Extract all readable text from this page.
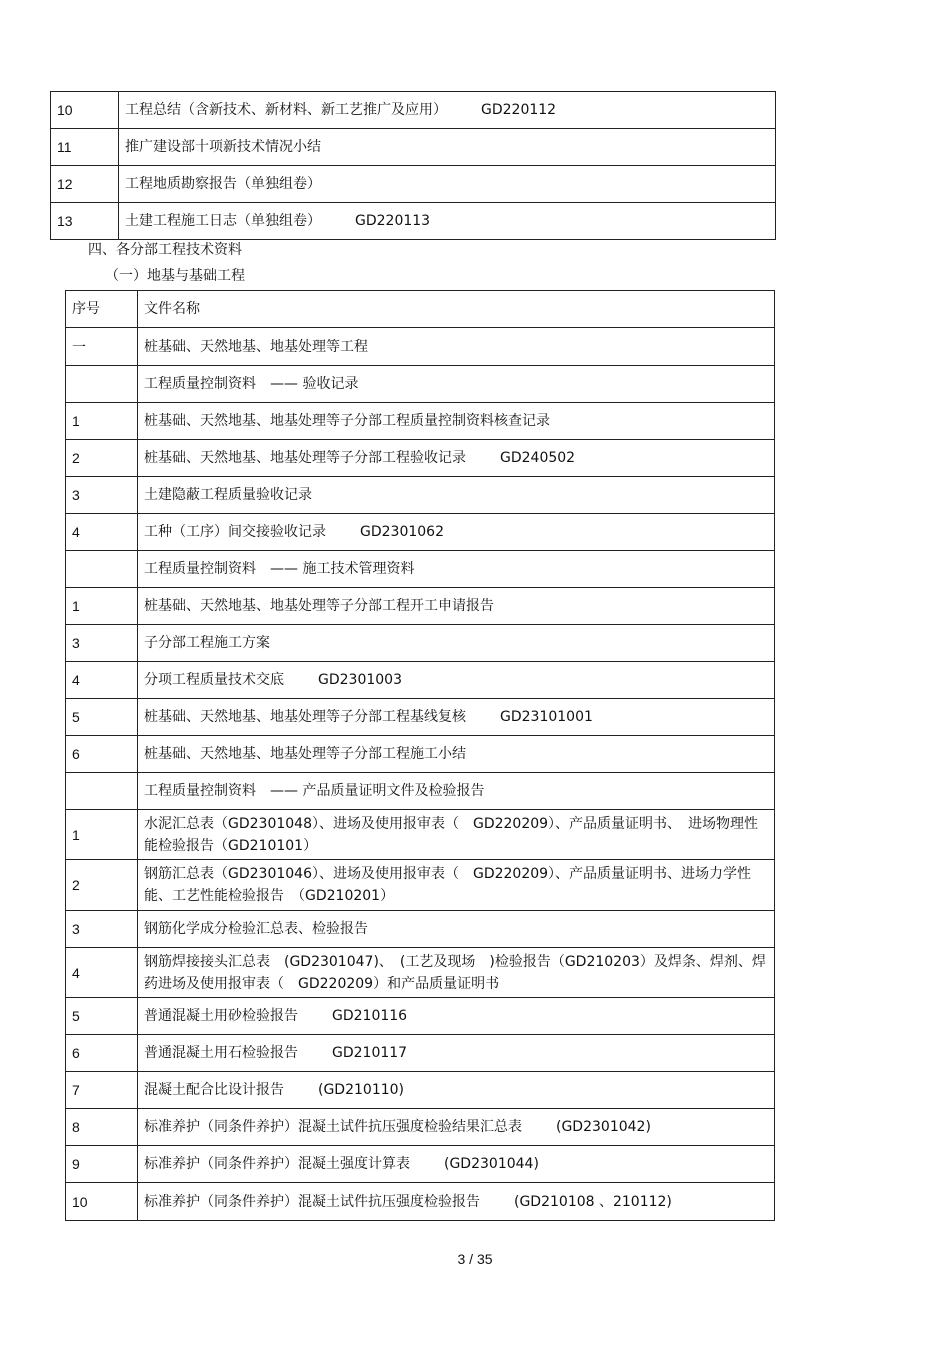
10	工程总结（含新技术、新材料、新工艺推广及应用） GD220112
11	推广建设部十项新技术情况小结
12	工程地质勘察报告（单独组卷）
13	土建工程施工日志（单独组卷） GD220113
四、各分部工程技术资料
（一）地基与基础工程
序号	文件名称
一	桩基础、天然地基、地基处理等工程
	工程质量控制资料　—— 验收记录
1	桩基础、天然地基、地基处理等子分部工程质量控制资料核查记录
2	桩基础、天然地基、地基处理等子分部工程验收记录 GD240502
3	土建隐蔽工程质量验收记录
4	工种（工序）间交接验收记录 GD2301062
	工程质量控制资料　—— 施工技术管理资料
1	桩基础、天然地基、地基处理等子分部工程开工申请报告
3	子分部工程施工方案
4	分项工程质量技术交底 GD2301003
5	桩基础、天然地基、地基处理等子分部工程基线复核 GD23101001
6	桩基础、天然地基、地基处理等子分部工程施工小结
	工程质量控制资料　—— 产品质量证明文件及检验报告
1	水泥汇总表（GD2301048）、进场及使用报审表（　GD220209）、产品质量证明书、　进场物理性能检验报告（GD210101）
2	钢筋汇总表（GD2301046）、进场及使用报审表（　GD220209）、产品质量证明书、进场力学性能、工艺性能检验报告　（GD210201）
3	钢筋化学成分检验汇总表、检验报告
4	钢筋焊接接头汇总表　(GD2301047)、　(工艺及现场　)检验报告（GD210203）及焊条、焊剂、焊药进场及使用报审表（　GD220209）和产品质量证明书
5	普通混凝土用砂检验报告 GD210116
6	普通混凝土用石检验报告 GD210117
7	混凝土配合比设计报告 (GD210110)
8	标准养护（同条件养护）混凝土试件抗压强度检验结果汇总表 (GD2301042)
9	标准养护（同条件养护）混凝土强度计算表 (GD2301044)
10	标准养护（同条件养护）混凝土试件抗压强度检验报告 (GD210108 、210112)
3 / 35
